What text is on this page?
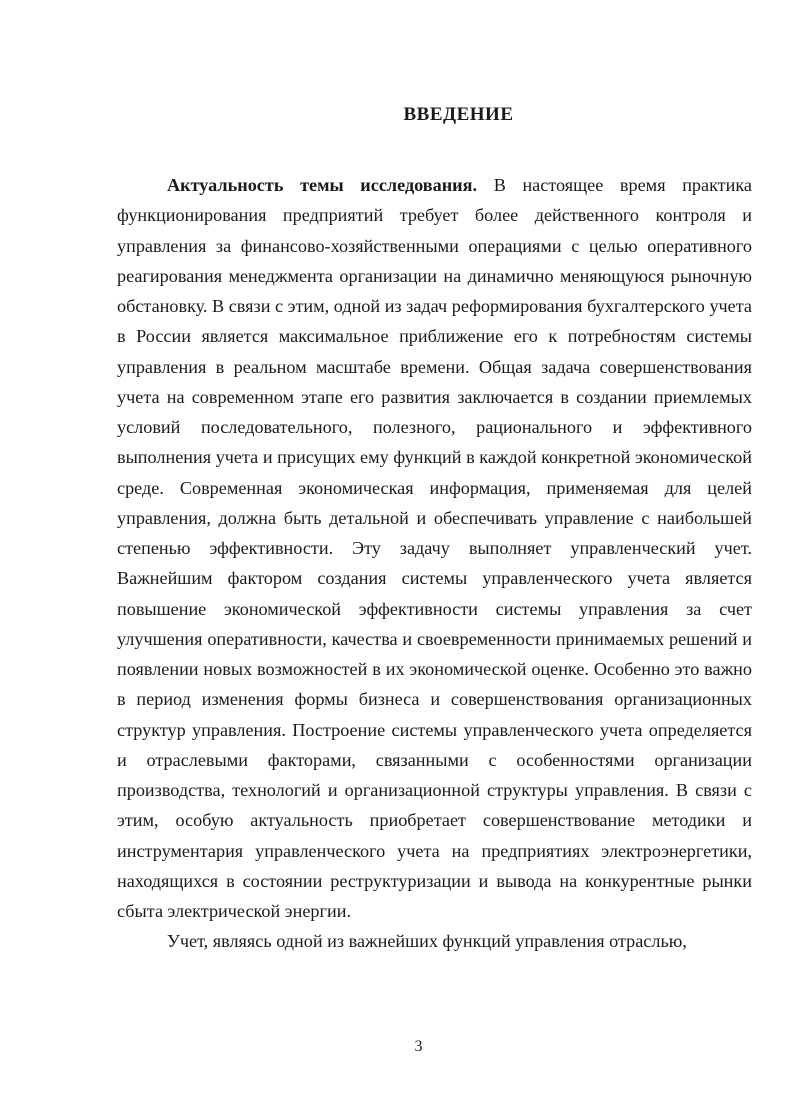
ВВЕДЕНИЕ

Актуальность темы исследования. В настоящее время практика функционирования предприятий требует более действенного контроля и управления за финансово-хозяйственными операциями с целью оперативного реагирования менеджмента организации на динамично меняющуюся рыночную обстановку. В связи с этим, одной из задач реформирования бухгалтерского учета в России является максимальное приближение его к потребностям системы управления в реальном масштабе времени. Общая задача совершенствования учета на современном этапе его развития заключается в создании приемлемых условий последовательного, полезного, рационального и эффективного выполнения учета и присущих ему функций в каждой конкретной экономической среде. Современная экономическая информация, применяемая для целей управления, должна быть детальной и обеспечивать управление с наибольшей степенью эффективности. Эту задачу выполняет управленческий учет. Важнейшим фактором создания системы управленческого учета является повышение экономической эффективности системы управления за счет улучшения оперативности, качества и своевременности принимаемых решений и появлении новых возможностей в их экономической оценке. Особенно это важно в период изменения формы бизнеса и совершенствования организационных структур управления. Построение системы управленческого учета определяется и отраслевыми факторами, связанными с особенностями организации производства, технологий и организационной структуры управления. В связи с этим, особую актуальность приобретает совершенствование методики и инструментария управленческого учета на предприятиях электроэнергетики, находящихся в состоянии реструктуризации и вывода на конкурентные рынки сбыта электрической энергии.

Учет, являясь одной из важнейших функций управления отраслью,

3
